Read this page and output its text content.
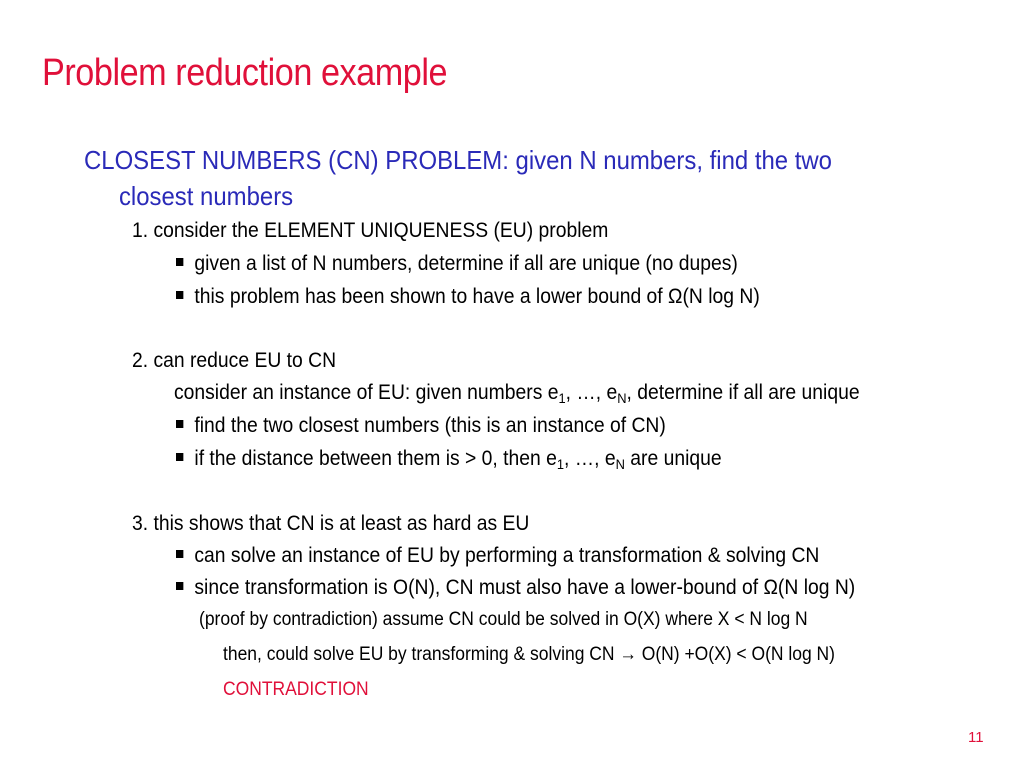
Problem reduction example
CLOSEST NUMBERS (CN) PROBLEM: given N numbers, find the two
closest numbers
1. consider the ELEMENT UNIQUENESS (EU) problem
given a list of N numbers, determine if all are unique (no dupes)
this problem has been shown to have a lower bound of Ω(N log N)
2. can reduce EU to CN
consider an instance of EU: given numbers $e_1$, …, $e_N$, determine if all are unique
find the two closest numbers (this is an instance of CN)
if the distance between them is > 0, then $e_1$, …, $e_N$ are unique
3. this shows that CN is at least as hard as EU
can solve an instance of EU by performing a transformation & solving CN
since transformation is O(N), CN must also have a lower-bound of Ω(N log N)
(proof by contradiction) assume CN could be solved in O(X) where X < N log N
then, could solve EU by transforming & solving CN → O(N) +O(X) < O(N log N)
CONTRADICTION
11
